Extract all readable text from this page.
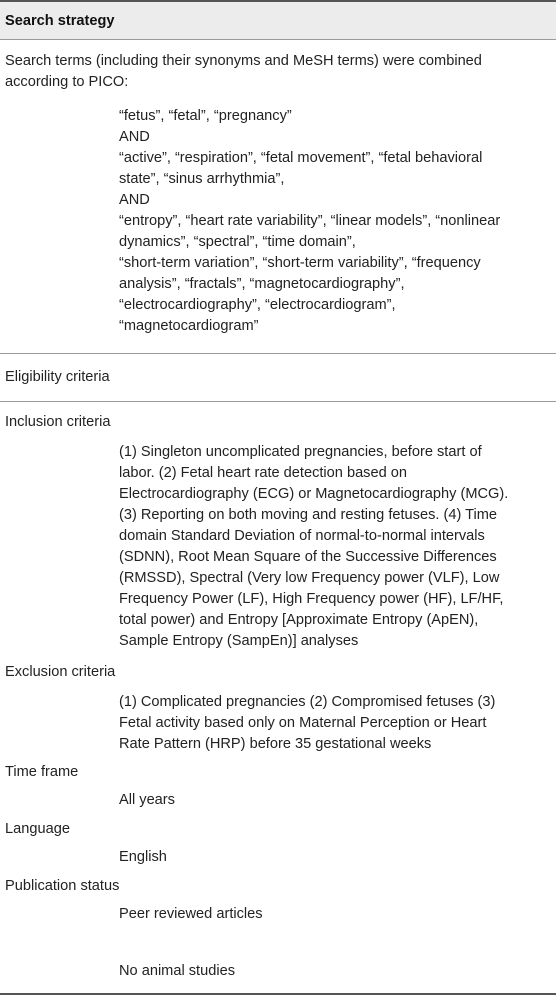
Search strategy
Search terms (including their synonyms and MeSH terms) were combined
according to PICO:
“fetus”, “fetal”, “pregnancy”
AND
“active”, “respiration”, “fetal movement”, “fetal behavioral
state”, “sinus arrhythmia”,
AND
“entropy”, “heart rate variability”, “linear models”, “nonlinear
dynamics”, “spectral”, “time domain”,
“short-term variation”, “short-term variability”, “frequency
analysis”, “fractals”, “magnetocardiography”,
“electrocardiography”, “electrocardiogram”,
“magnetocardiogram”
Eligibility criteria
Inclusion criteria
(1) Singleton uncomplicated pregnancies, before start of
labor. (2) Fetal heart rate detection based on
Electrocardiography (ECG) or Magnetocardiography (MCG).
(3) Reporting on both moving and resting fetuses. (4) Time
domain Standard Deviation of normal-to-normal intervals
(SDNN), Root Mean Square of the Successive Differences
(RMSSD), Spectral (Very low Frequency power (VLF), Low
Frequency Power (LF), High Frequency power (HF), LF/HF,
total power) and Entropy [Approximate Entropy (ApEN),
Sample Entropy (SampEn)] analyses
Exclusion criteria
(1) Complicated pregnancies (2) Compromised fetuses (3)
Fetal activity based only on Maternal Perception or Heart
Rate Pattern (HRP) before 35 gestational weeks
Time frame
All years
Language
English
Publication status
Peer reviewed articles
No animal studies
